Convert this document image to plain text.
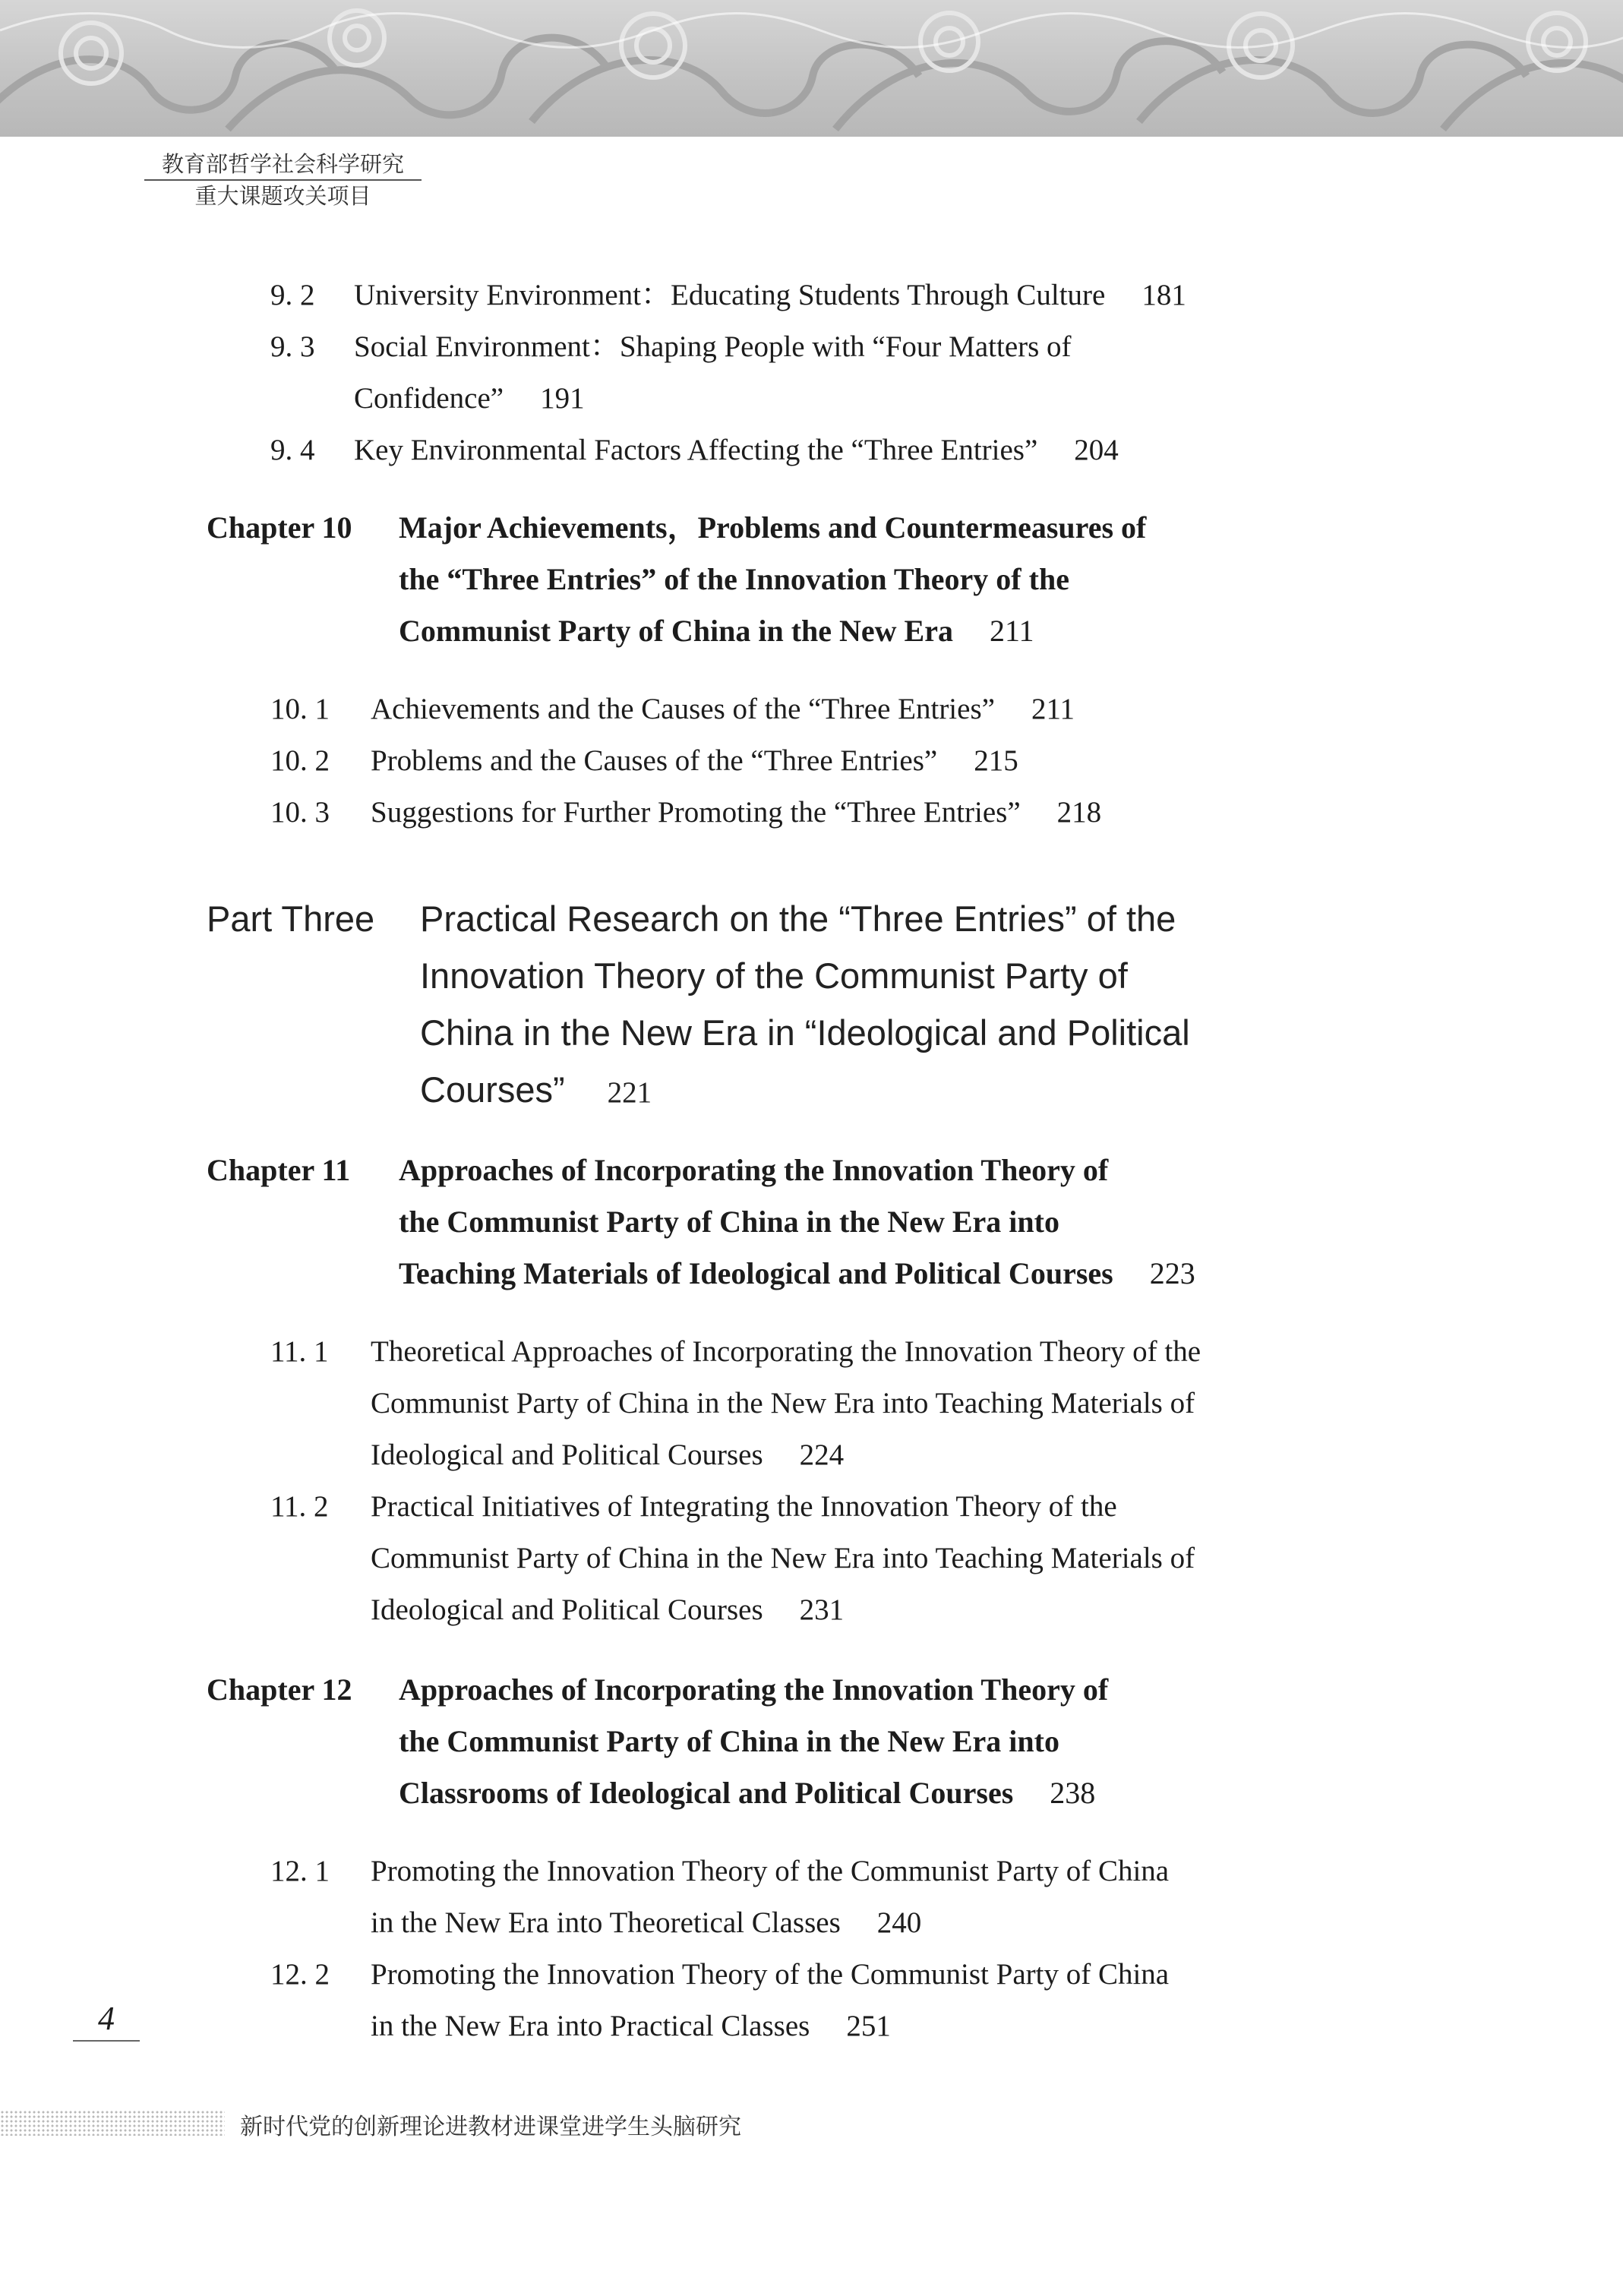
教育部哲学社会科学研究
重大课题攻关项目
9. 2 University Environment：Educating Students Through Culture 181
9. 3 Social Environment：Shaping People with “Four Matters of
Confidence” 191
9. 4 Key Environmental Factors Affecting the “Three Entries” 204
Chapter 10 Major Achievements，Problems and Countermeasures of
the “Three Entries” of the Innovation Theory of the
Communist Party of China in the New Era 211
10. 1 Achievements and the Causes of the “Three Entries” 211
10. 2 Problems and the Causes of the “Three Entries” 215
10. 3 Suggestions for Further Promoting the “Three Entries” 218
Part Three Practical Research on the “Three Entries” of the
Innovation Theory of the Communist Party of
China in the New Era in “Ideological and Political
Courses” 221
Chapter 11 Approaches of Incorporating the Innovation Theory of
the Communist Party of China in the New Era into
Teaching Materials of Ideological and Political Courses 223
11. 1 Theoretical Approaches of Incorporating the Innovation Theory of the
Communist Party of China in the New Era into Teaching Materials of
Ideological and Political Courses 224
11. 2 Practical Initiatives of Integrating the Innovation Theory of the
Communist Party of China in the New Era into Teaching Materials of
Ideological and Political Courses 231
Chapter 12 Approaches of Incorporating the Innovation Theory of
the Communist Party of China in the New Era into
Classrooms of Ideological and Political Courses 238
12. 1 Promoting the Innovation Theory of the Communist Party of China
in the New Era into Theoretical Classes 240
12. 2 Promoting the Innovation Theory of the Communist Party of China
in the New Era into Practical Classes 251
4
新时代党的创新理论进教材进课堂进学生头脑研究
